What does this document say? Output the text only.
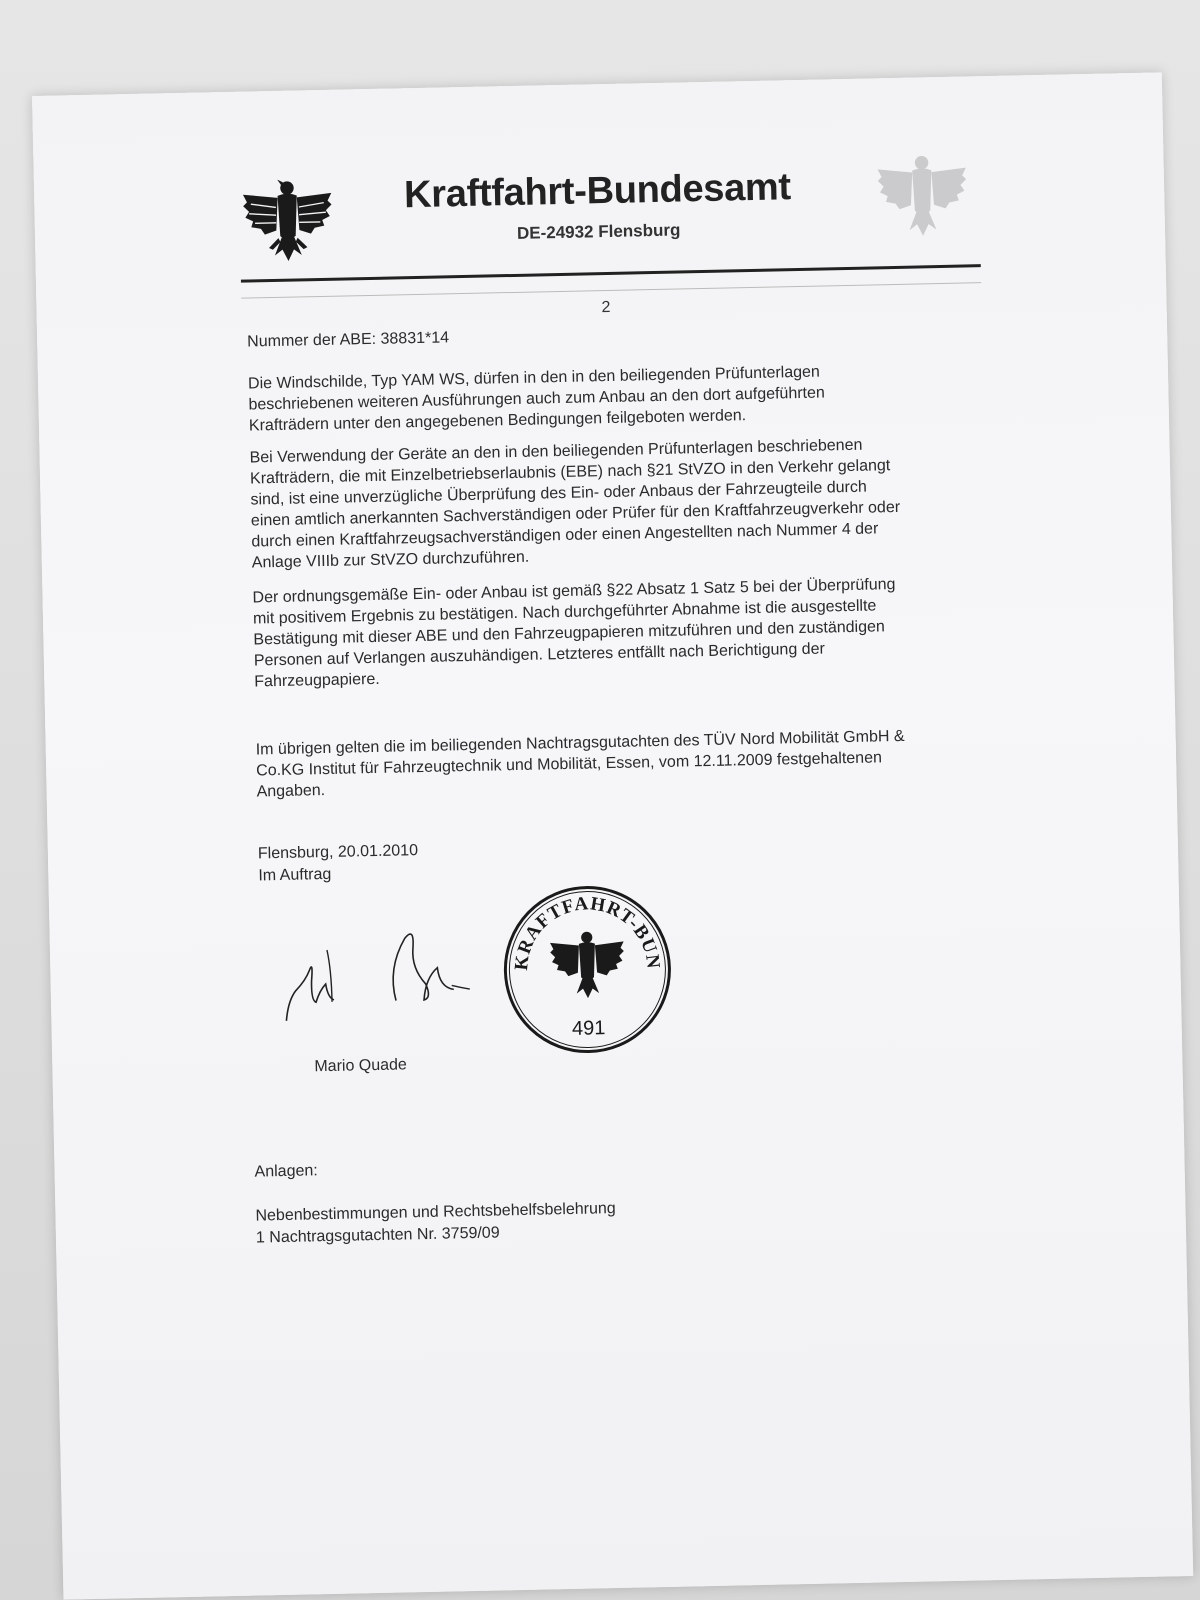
Kraftfahrt-Bundesamt
DE-24932 Flensburg
2
Nummer der ABE: 38831*14
Die Windschilde, Typ YAM WS, dürfen in den in den beiliegenden Prüfunterlagen
beschriebenen weiteren Ausführungen auch zum Anbau an den dort aufgeführten
Krafträdern unter den angegebenen Bedingungen feilgeboten werden.
Bei Verwendung der Geräte an den in den beiliegenden Prüfunterlagen beschriebenen
Krafträdern, die mit Einzelbetriebserlaubnis (EBE) nach §21 StVZO in den Verkehr gelangt
sind, ist eine unverzügliche Überprüfung des Ein- oder Anbaus der Fahrzeugteile durch
einen amtlich anerkannten Sachverständigen oder Prüfer für den Kraftfahrzeugverkehr oder
durch einen Kraftfahrzeugsachverständigen oder einen Angestellten nach Nummer 4 der
Anlage VIIIb zur StVZO durchzuführen.
Der ordnungsgemäße Ein- oder Anbau ist gemäß §22 Absatz 1 Satz 5 bei der Überprüfung
mit positivem Ergebnis zu bestätigen. Nach durchgeführter Abnahme ist die ausgestellte
Bestätigung mit dieser ABE und den Fahrzeugpapieren mitzuführen und den zuständigen
Personen auf Verlangen auszuhändigen. Letzteres entfällt nach Berichtigung der
Fahrzeugpapiere.
Im übrigen gelten die im beiliegenden Nachtragsgutachten des TÜV Nord Mobilität GmbH &
Co.KG Institut für Fahrzeugtechnik und Mobilität, Essen, vom 12.11.2009 festgehaltenen
Angaben.
Flensburg, 20.01.2010
Im Auftrag
Mario Quade
KRAFTFAHRT-BUNDESAMT
491
Anlagen:
Nebenbestimmungen und Rechtsbehelfsbelehrung
1 Nachtragsgutachten Nr. 3759/09
